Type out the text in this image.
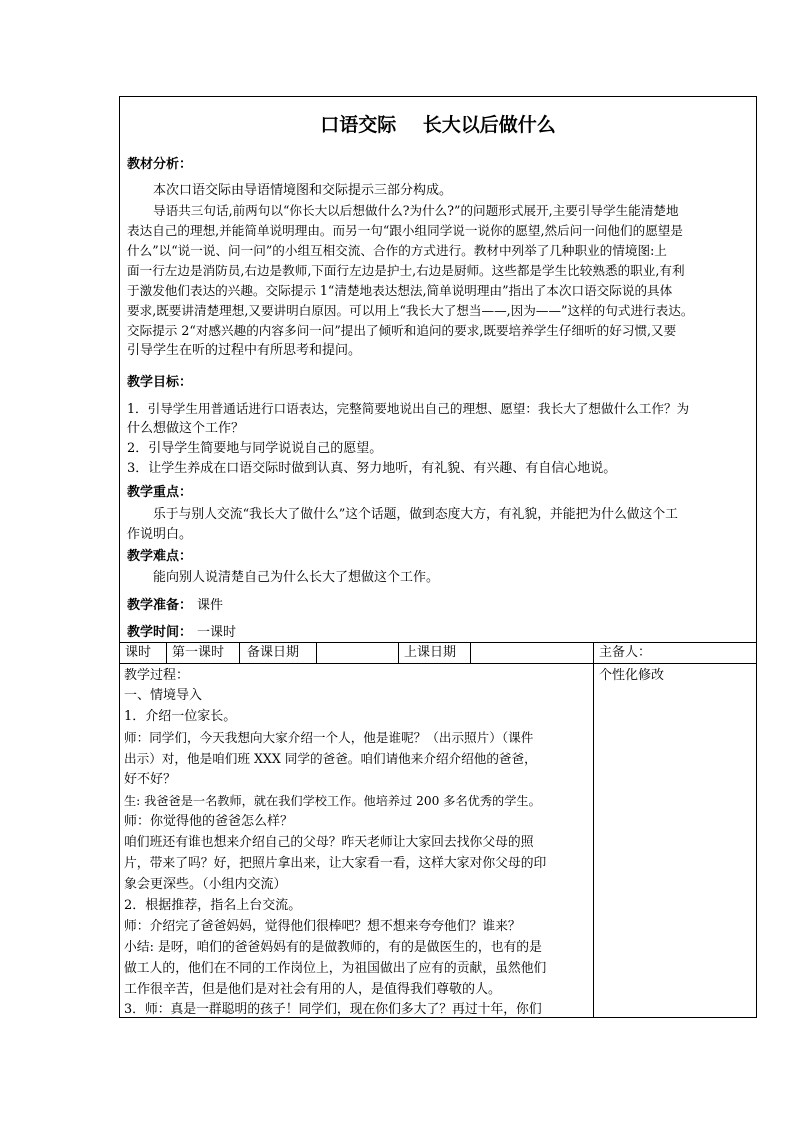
口语交际    长大以后做什么
教材分析：
本次口语交际由导语情境图和交际提示三部分构成。
导语共三句话,前两句以“你长大以后想做什么?为什么?”的问题形式展开,主要引导学生能清楚地
表达自己的理想,并能简单说明理由。而另一句“跟小组同学说一说你的愿望,然后问一问他们的愿望是
什么”以“说一说、问一问”的小组互相交流、合作的方式进行。教材中列举了几种职业的情境图:上
面一行左边是消防员,右边是教师,下面行左边是护士,右边是厨师。这些都是学生比较熟悉的职业,有利
于激发他们表达的兴趣。交际提示 1“清楚地表达想法,简单说明理由”指出了本次口语交际说的具体
要求,既要讲清楚理想,又要讲明白原因。可以用上“我长大了想当——,因为——”这样的句式进行表达。
交际提示 2“对感兴趣的内容多问一问”提出了倾听和追问的要求,既要培养学生仔细听的好习惯,又要
引导学生在听的过程中有所思考和提问。
教学目标：
1．引导学生用普通话进行口语表达，完整简要地说出自己的理想、愿望：我长大了想做什么工作？为
什么想做这个工作？
2．引导学生简要地与同学说说自己的愿望。
3．让学生养成在口语交际时做到认真、努力地听，有礼貌、有兴趣、有自信心地说。
教学重点：
乐于与别人交流“我长大了做什么”这个话题，做到态度大方，有礼貌，并能把为什么做这个工
作说明白。
教学难点：
能向别人说清楚自己为什么长大了想做这个工作。
教学准备： 课件
教学时间： 一课时
课时 第一课时 备课日期	上课日期	主备人：
教学过程：
一、情境导入
1．介绍一位家长。
师：同学们，今天我想向大家介绍一个人，他是谁呢？（出示照片）（课件
出示）对，他是咱们班 XXX 同学的爸爸。咱们请他来介绍介绍他的爸爸，
好不好？
生: 我爸爸是一名教师，就在我们学校工作。他培养过 200 多名优秀的学生。
师：你觉得他的爸爸怎么样？
咱们班还有谁也想来介绍自己的父母？昨天老师让大家回去找你父母的照
片，带来了吗？好，把照片拿出来，让大家看一看，这样大家对你父母的印
象会更深些。（小组内交流）
2．根据推荐，指名上台交流。
师：介绍完了爸爸妈妈，觉得他们很棒吧？想不想来夸夸他们？谁来？
小结: 是呀，咱们的爸爸妈妈有的是做教师的，有的是做医生的，也有的是
做工人的，他们在不同的工作岗位上，为祖国做出了应有的贡献，虽然他们
工作很辛苦，但是他们是对社会有用的人，是值得我们尊敬的人。
3．师：真是一群聪明的孩子！同学们，现在你们多大了？再过十年，你们
个性化修改
